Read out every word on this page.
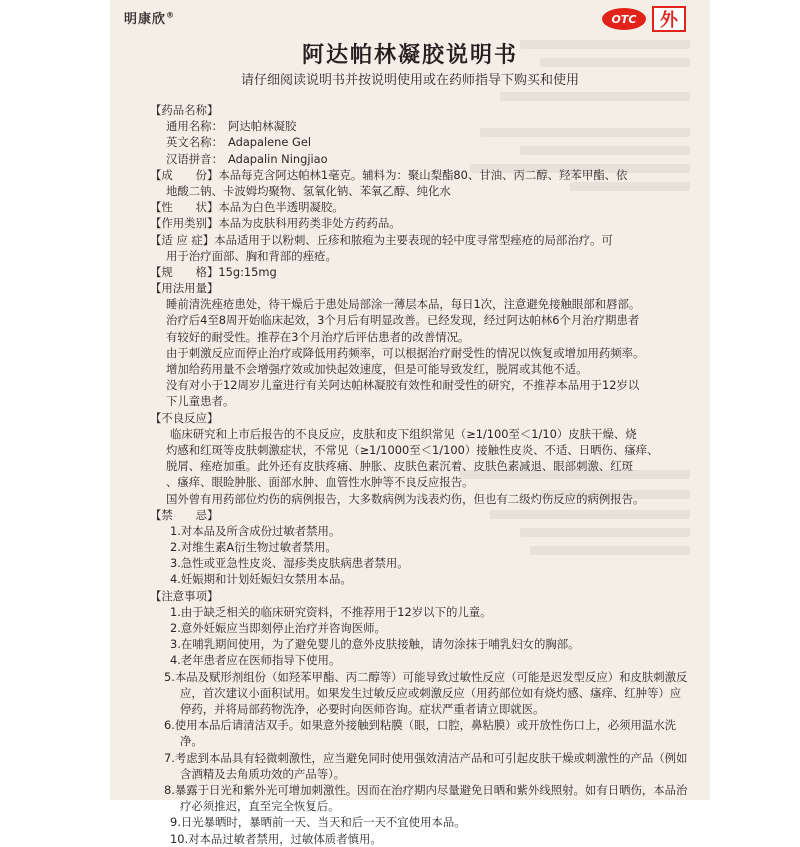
明康欣®	OTC	外
阿达帕林凝胶说明书
请仔细阅读说明书并按说明使用或在药师指导下购买和使用
【药品名称】
通用名称： 阿达帕林凝胶
英文名称： Adapalene Gel
汉语拼音： Adapalin Ningjiao
【成　　份】本品每克含阿达帕林1毫克。辅料为：聚山梨酯80、甘油、丙二醇、羟苯甲酯、依
地酸二钠、卡波姆均聚物、氢氧化钠、苯氧乙醇、纯化水
【性　　状】本品为白色半透明凝胶。
【作用类别】本品为皮肤科用药类非处方药药品。
【适 应 症】本品适用于以粉刺、丘疹和脓疱为主要表现的轻中度寻常型痤疮的局部治疗。可
用于治疗面部、胸和背部的痤疮。
【规　　格】15g:15mg
【用法用量】
睡前清洗痤疮患处，待干燥后于患处局部涂一薄层本品，每日1次，注意避免接触眼部和唇部。
治疗后4至8周开始临床起效，3个月后有明显改善。已经发现，经过阿达帕林6个月治疗期患者
有较好的耐受性。推荐在3个月治疗后评估患者的改善情况。
由于刺激反应而停止治疗或降低用药频率，可以根据治疗耐受性的情况以恢复或增加用药频率。
增加给药用量不会增强疗效或加快起效速度，但是可能导致发红，脱屑或其他不适。
没有对小于12周岁儿童进行有关阿达帕林凝胶有效性和耐受性的研究，不推荐本品用于12岁以
下儿童患者。
【不良反应】
临床研究和上市后报告的不良反应，皮肤和皮下组织常见（≥1/100至＜1/10）皮肤干燥、烧
灼感和红斑等皮肤刺激症状，不常见（≥1/1000至＜1/100）接触性皮炎、不适、日晒伤、瘙痒、
脱屑、痤疮加重。此外还有皮肤疼痛、肿胀、皮肤色素沉着、皮肤色素减退、眼部刺激、红斑
、瘙痒、眼睑肿胀、面部水肿、血管性水肿等不良反应报告。
国外曾有用药部位灼伤的病例报告，大多数病例为浅表灼伤，但也有二级灼伤反应的病例报告。
【禁　　忌】
1.对本品及所含成份过敏者禁用。
2.对维生素A衍生物过敏者禁用。
3.急性或亚急性皮炎、湿疹类皮肤病患者禁用。
4.妊娠期和计划妊娠妇女禁用本品。
【注意事项】
1.由于缺乏相关的临床研究资料，不推荐用于12岁以下的儿童。
2.意外妊娠应当即刻停止治疗并咨询医师。
3.在哺乳期间使用，为了避免婴儿的意外皮肤接触，请勿涂抹于哺乳妇女的胸部。
4.老年患者应在医师指导下使用。
5.本品及赋形剂组份（如羟苯甲酯、丙二醇等）可能导致过敏性反应（可能是迟发型反应）和皮肤刺激反应，首次建议小面积试用。如果发生过敏反应或刺激反应（用药部位如有烧灼感、瘙痒、红肿等）应停药，并将局部药物洗净，必要时向医师咨询。症状严重者请立即就医。
6.使用本品后请清洁双手。如果意外接触到粘膜（眼，口腔，鼻粘膜）或开放性伤口上，必须用温水洗净。
7.考虑到本品具有轻微刺激性，应当避免同时使用强效清洁产品和可引起皮肤干燥或刺激性的产品（例如含酒精及去角质功效的产品等）。
8.暴露于日光和紫外光可增加刺激性。因而在治疗期内尽量避免日晒和紫外线照射。如有日晒伤，本品治疗必须推迟，直至完全恢复后。
9.日光暴晒时，暴晒前一天、当天和后一天不宜使用本品。
10.对本品过敏者禁用，过敏体质者慎用。
